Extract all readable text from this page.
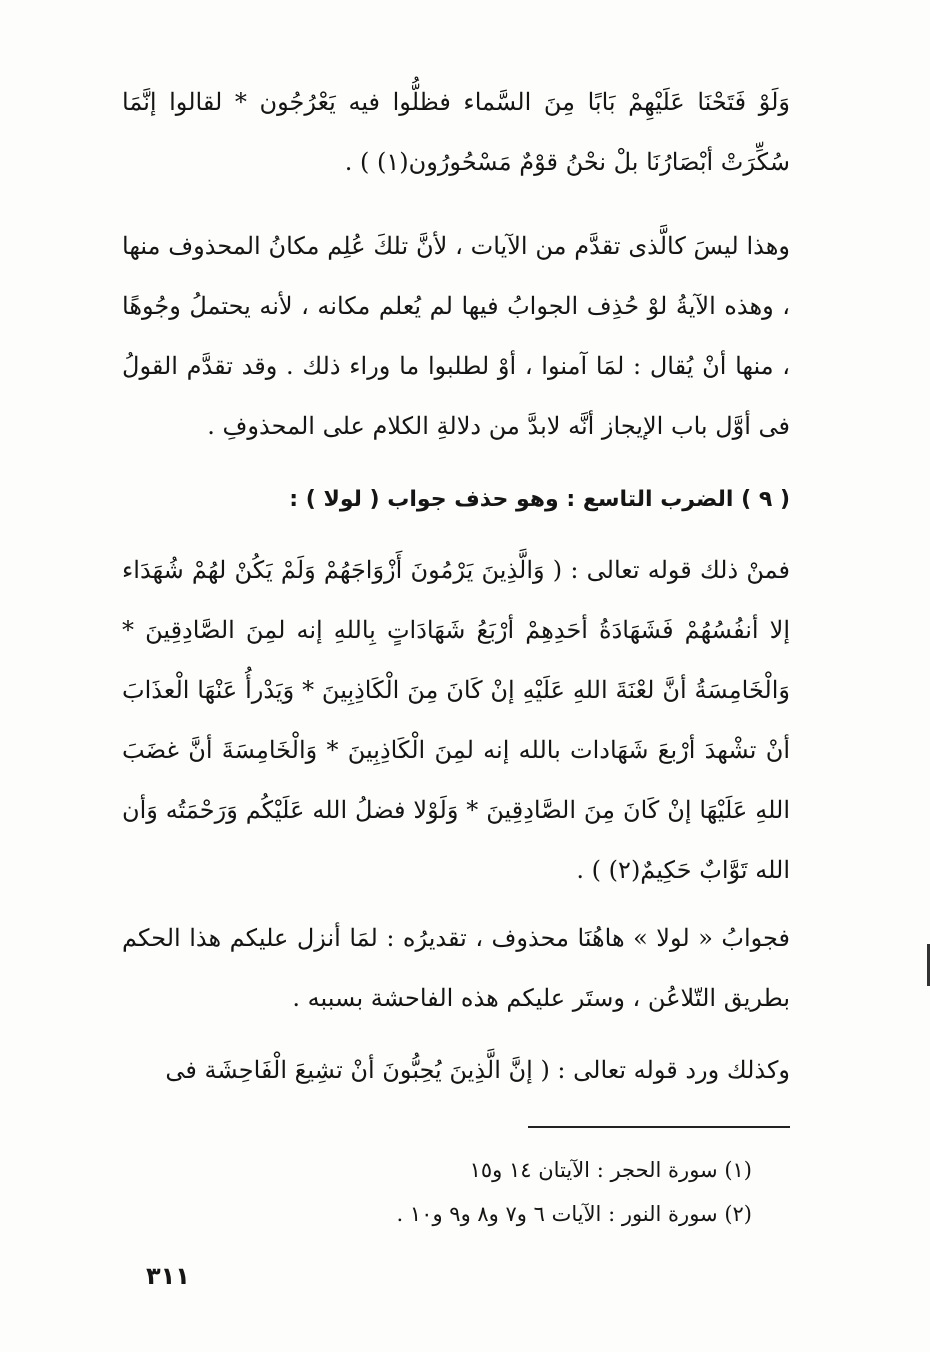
وَلَوْ فَتَحْنَا عَلَيْهِمْ بَابًا مِنَ السَّماء فظلُّوا فيه يَعْرُجُون * لقالوا إنَّمَا سُكِّرَتْ أبْصَارُنَا بلْ نحْنُ قوْمٌ مَسْحُورُون(١) ) .

وهذا ليسَ كالَّذى تقدَّم من الآيات ، لأنَّ تلكَ عُلِم مكانُ المحذوف منها ، وهذه الآيةُ لوْ حُذِف الجوابُ فيها لم يُعلم مكانه ، لأنه يحتملُ وجُوهًا ، منها أنْ يُقال : لمَا آمنوا ، أوْ لطلبوا ما وراء ذلك . وقد تقدَّم القولُ فى أوَّل باب الإيجاز أنَّه لابدَّ من دلالةِ الكلام على المحذوفِ .

( ٩ ) الضرب التاسع : وهو حذف جواب ( لولا ) :

فمنْ ذلك قوله تعالى : ( وَالَّذِينَ يَرْمُونَ أَزْوَاجَهُمْ وَلَمْ يَكُنْ لهُمْ شُهَدَاء إلا أنفُسُهُمْ فَشَهَادَةُ أحَدِهِمْ أرْبَعُ شَهَادَاتٍ بِاللهِ إنه لمِنَ الصَّادِقِينَ * وَالْخَامِسَةُ أنَّ لعْنَةَ اللهِ عَلَيْهِ إنْ كَانَ مِنَ الْكَاذِبِينَ * وَيَدْرأُ عَنْهَا الْعذَابَ أنْ تشْهدَ أرْبعَ شَهَادات بالله إنه لمِنَ الْكَاذِبِينَ * وَالْخَامِسَةَ أنَّ غضَبَ اللهِ عَلَيْهَا إنْ كَانَ مِنَ الصَّادِقِينَ * وَلَوْلا فضلُ الله عَلَيْكُم وَرَحْمَتُه وَأن الله تَوَّابٌ حَكِيمٌ(٢) ) .

فجوابُ « لولا » هاهُنَا محذوف ، تقديرُه : لمَا أنزل عليكم هذا الحكم بطريق التّلاعُن ، وستَر عليكم هذه الفاحشة بسببه .

وكذلك ورد قوله تعالى : ( إنَّ الَّذِينَ يُحِبُّونَ أنْ تشِيعَ الْفَاحِشَة فى

(١) سورة الحجر : الآيتان ١٤ و١٥
(٢) سورة النور : الآيات ٦ و٧ و٨ و٩ و١٠ .
٣١١
